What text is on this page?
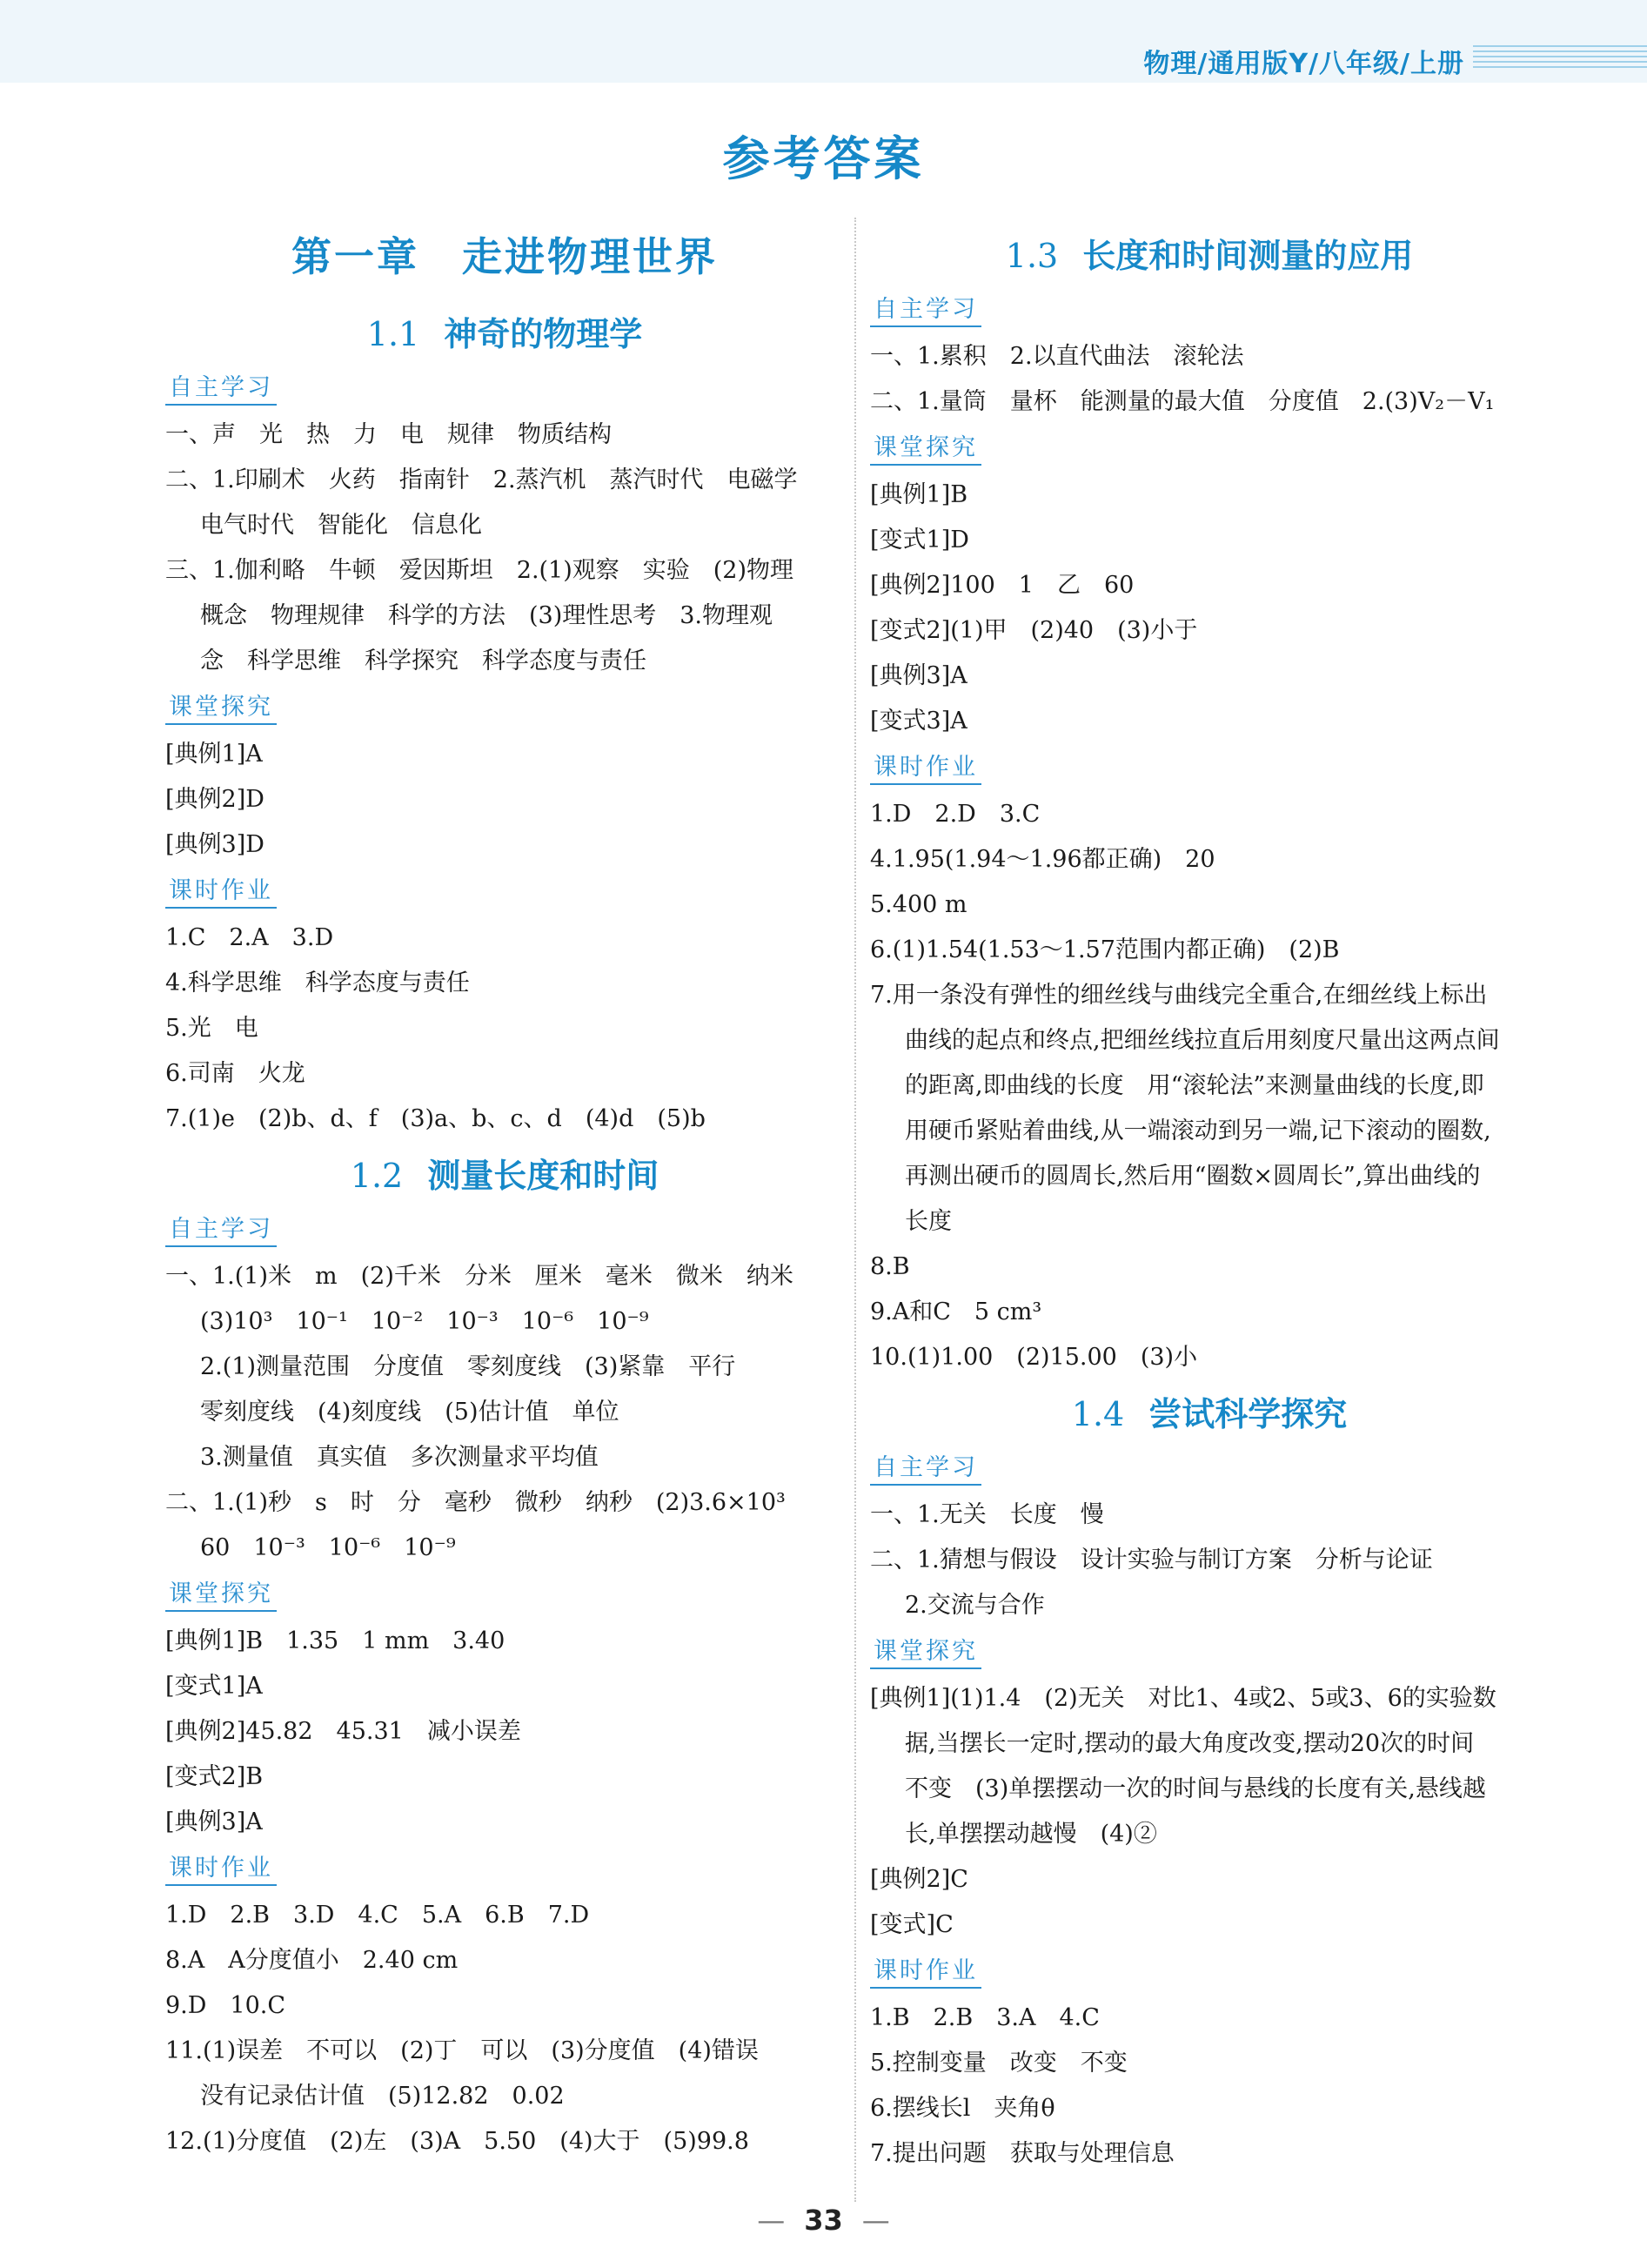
物理/通用版Y/八年级/上册
参考答案
第一章　走进物理世界
1.1 神奇的物理学
自主学习
一、声　光　热　力　电　规律　物质结构
二、1.印刷术　火药　指南针　2.蒸汽机　蒸汽时代　电磁学
电气时代　智能化　信息化
三、1.伽利略　牛顿　爱因斯坦　2.(1)观察　实验　(2)物理
概念　物理规律　科学的方法　(3)理性思考　3.物理观
念　科学思维　科学探究　科学态度与责任
课堂探究
[典例1]A
[典例2]D
[典例3]D
课时作业
1.C　2.A　3.D
4.科学思维　科学态度与责任
5.光　电
6.司南　火龙
7.(1)e　(2)b、d、f　(3)a、b、c、d　(4)d　(5)b
1.2 测量长度和时间
自主学习
一、1.(1)米　m　(2)千米　分米　厘米　毫米　微米　纳米
(3)10³　10⁻¹　10⁻²　10⁻³　10⁻⁶　10⁻⁹
2.(1)测量范围　分度值　零刻度线　(3)紧靠　平行
零刻度线　(4)刻度线　(5)估计值　单位
3.测量值　真实值　多次测量求平均值
二、1.(1)秒　s　时　分　毫秒　微秒　纳秒　(2)3.6×10³
60　10⁻³　10⁻⁶　10⁻⁹
课堂探究
[典例1]B　1.35　1 mm　3.40
[变式1]A
[典例2]45.82　45.31　减小误差
[变式2]B
[典例3]A
课时作业
1.D　2.B　3.D　4.C　5.A　6.B　7.D
8.A　A分度值小　2.40 cm
9.D　10.C
11.(1)误差　不可以　(2)丁　可以　(3)分度值　(4)错误
没有记录估计值　(5)12.82　0.02
12.(1)分度值　(2)左　(3)A　5.50　(4)大于　(5)99.8
1.3 长度和时间测量的应用
自主学习
一、1.累积　2.以直代曲法　滚轮法
二、1.量筒　量杯　能测量的最大值　分度值　2.(3)V₂－V₁
课堂探究
[典例1]B
[变式1]D
[典例2]100　1　乙　60
[变式2](1)甲　(2)40　(3)小于
[典例3]A
[变式3]A
课时作业
1.D　2.D　3.C
4.1.95(1.94～1.96都正确)　20
5.400 m
6.(1)1.54(1.53～1.57范围内都正确)　(2)B
7.用一条没有弹性的细丝线与曲线完全重合,在细丝线上标出
曲线的起点和终点,把细丝线拉直后用刻度尺量出这两点间
的距离,即曲线的长度　用“滚轮法”来测量曲线的长度,即
用硬币紧贴着曲线,从一端滚动到另一端,记下滚动的圈数,
再测出硬币的圆周长,然后用“圈数×圆周长”,算出曲线的
长度
8.B
9.A和C　5 cm³
10.(1)1.00　(2)15.00　(3)小
1.4 尝试科学探究
自主学习
一、1.无关　长度　慢
二、1.猜想与假设　设计实验与制订方案　分析与论证
2.交流与合作
课堂探究
[典例1](1)1.4　(2)无关　对比1、4或2、5或3、6的实验数
据,当摆长一定时,摆动的最大角度改变,摆动20次的时间
不变　(3)单摆摆动一次的时间与悬线的长度有关,悬线越
长,单摆摆动越慢　(4)②
[典例2]C
[变式]C
课时作业
1.B　2.B　3.A　4.C
5.控制变量　改变　不变
6.摆线长l　夹角θ
7.提出问题　获取与处理信息
— 33 —
